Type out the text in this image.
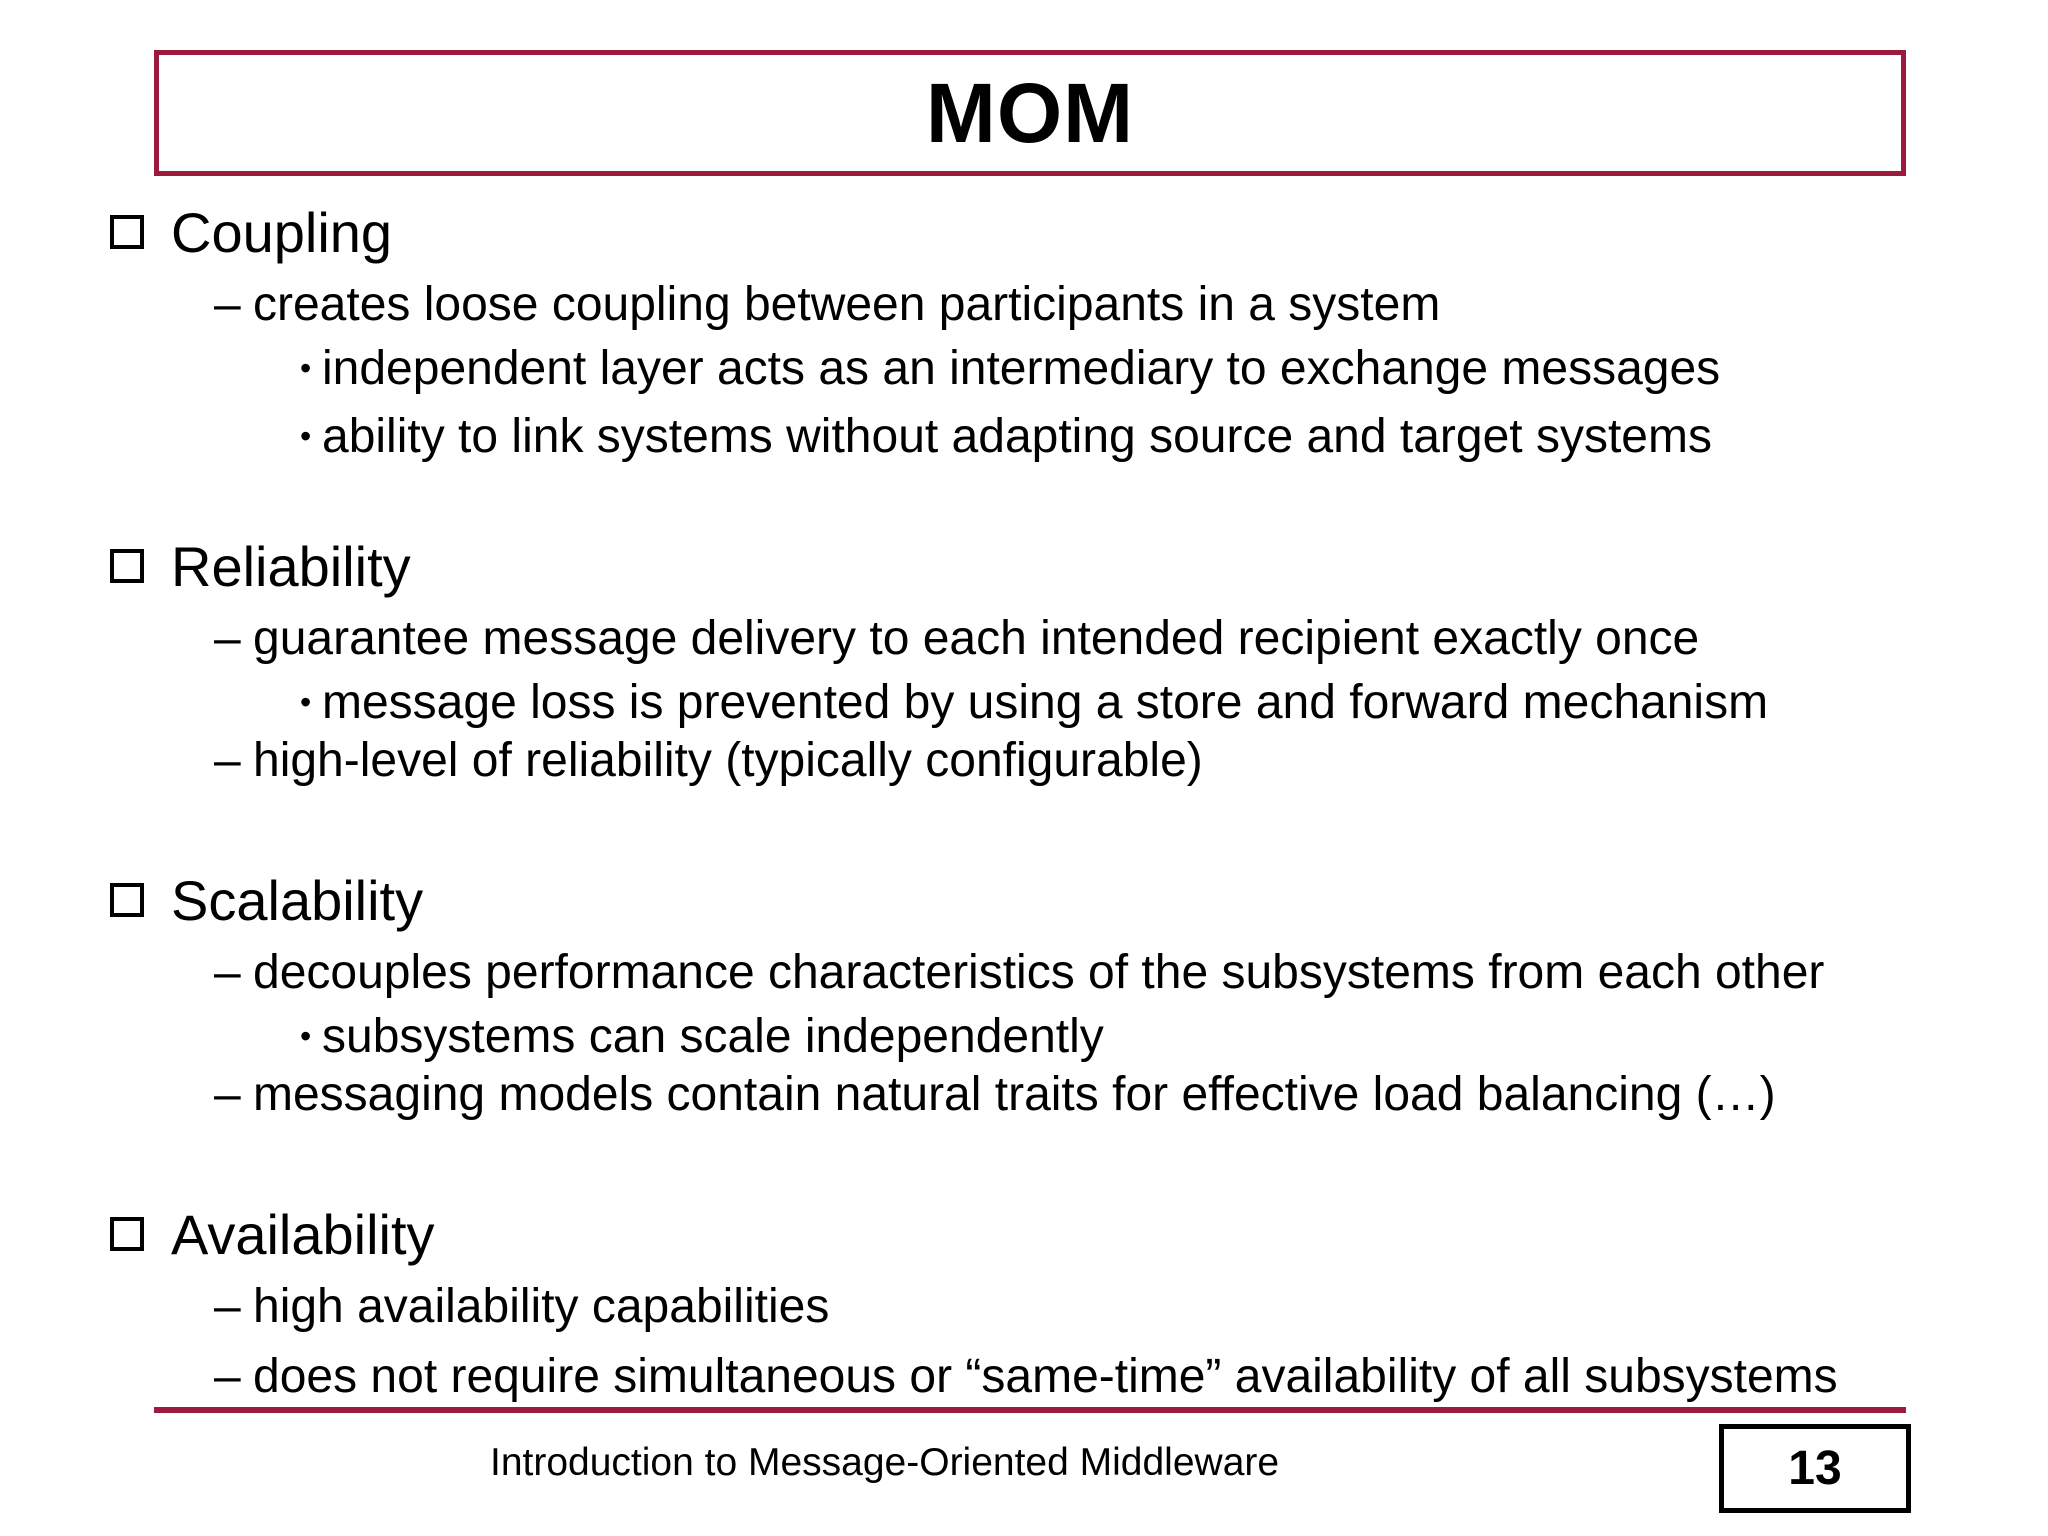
MOM
Coupling
– creates loose coupling between participants in a system
• independent layer acts as an intermediary to exchange messages
• ability to link systems without adapting source and target systems
Reliability
– guarantee message delivery to each intended recipient exactly once
• message loss is prevented by using a store and forward mechanism
– high-level of reliability (typically configurable)
Scalability
– decouples performance characteristics of the subsystems from each other
• subsystems can scale independently
– messaging models contain natural traits for effective load balancing (…)
Availability
– high availability capabilities
– does not require simultaneous or “same-time” availability of all subsystems
Introduction to Message-Oriented Middleware	13
